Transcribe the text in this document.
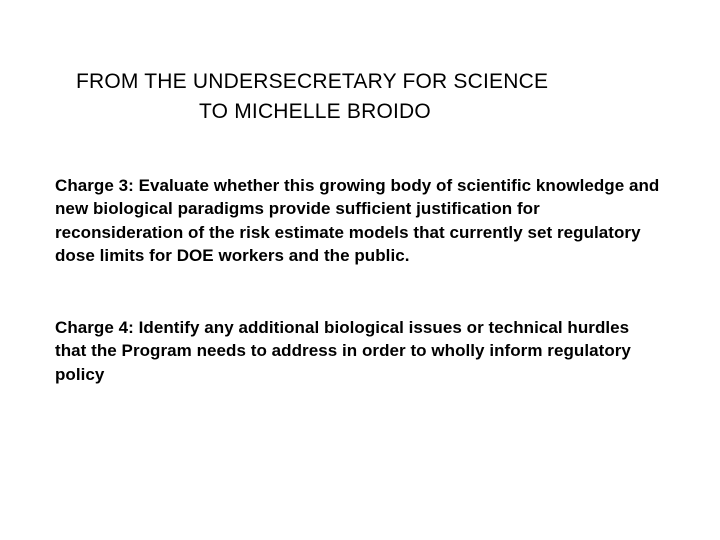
FROM THE UNDERSECRETARY FOR SCIENCE
TO MICHELLE BROIDO

Charge 3: Evaluate whether this growing body of scientific knowledge and new biological paradigms provide sufficient justification for reconsideration of the risk estimate models that currently set regulatory dose limits for DOE workers and the public.

Charge 4: Identify any additional biological issues or technical hurdles that the Program needs to address in order to wholly inform regulatory policy
